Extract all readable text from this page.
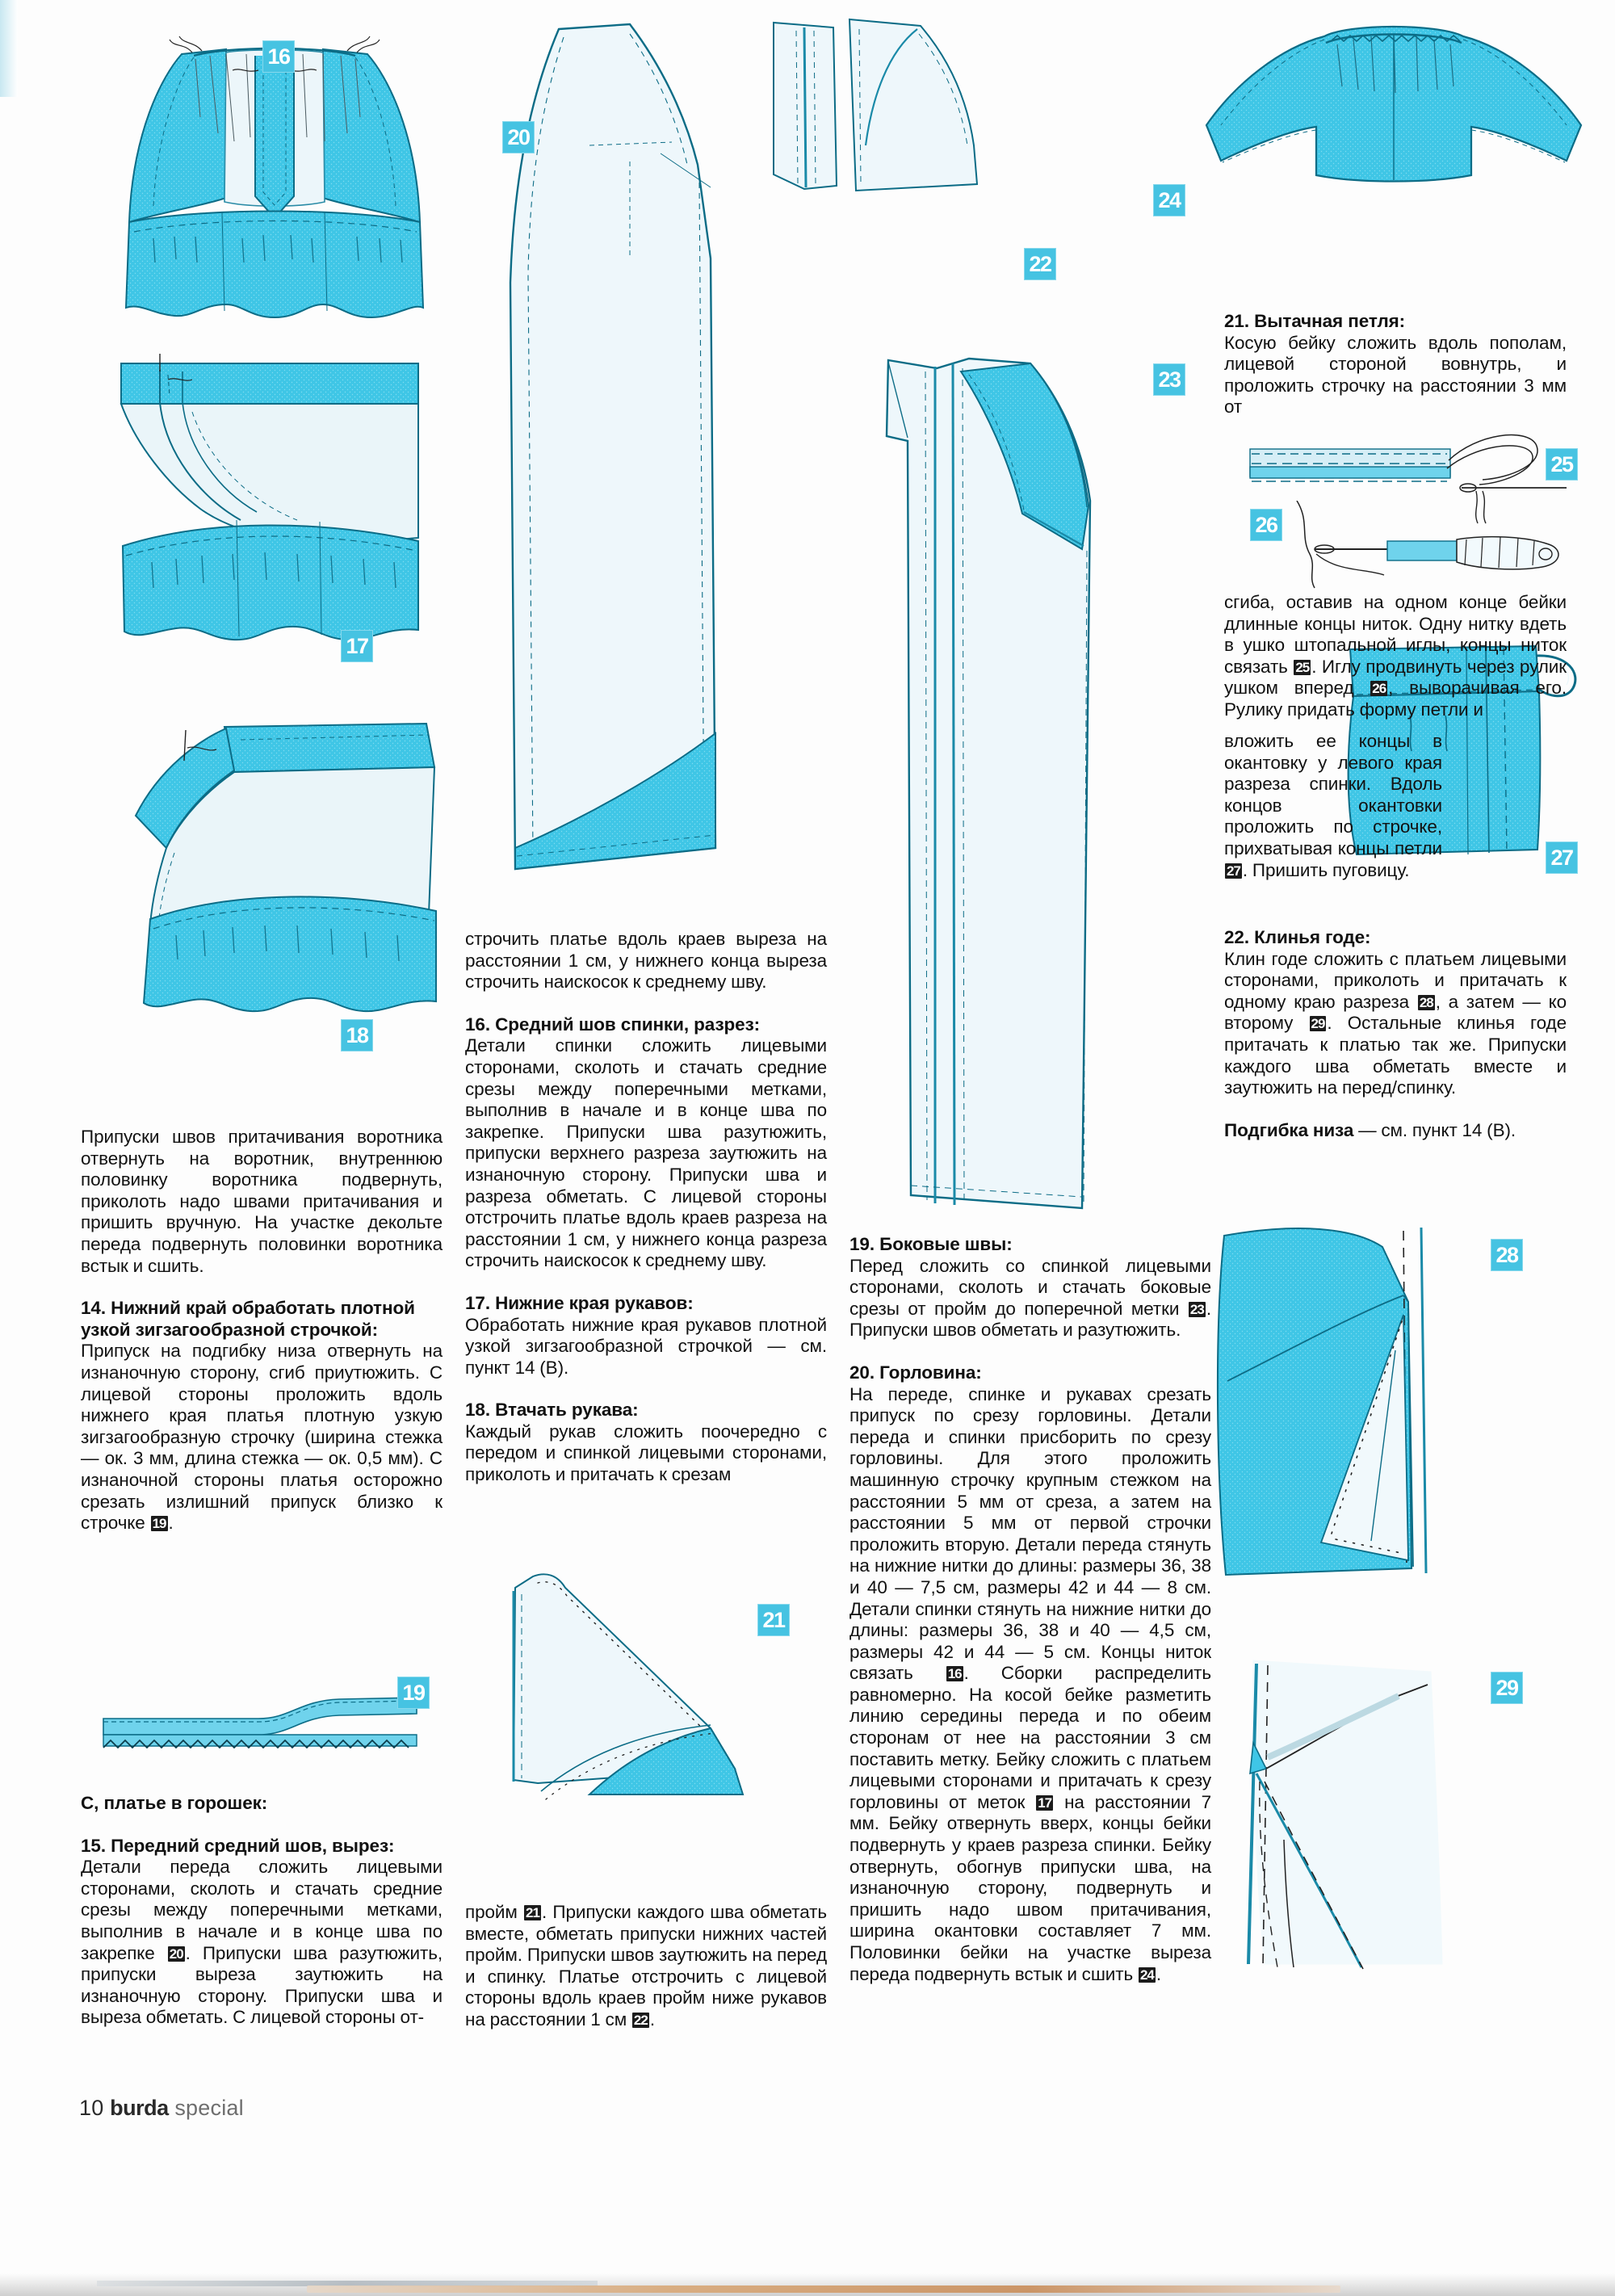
16
20
24
22
23
25
26
17
27
18
19
21
28
29

Припуски швов притачивания воротника отвернуть на воротник, внутреннюю половинку воротника подвернуть, приколоть надо швами притачивания и пришить вручную. На участке декольте переда подвернуть половинки воротника встык и сшить.

14. Нижний край обработать плотной узкой зигзагообразной строчкой:

Припуск на подгибку низа отвернуть на изнаночную сторону, сгиб приутюжить. С лицевой стороны проложить вдоль нижнего края платья плотную узкую зигзагообразную строчку (ширина стежка — ок. 3 мм, длина стежка — ок. 0,5 мм). С изнаночной стороны платья осторожно срезать излишний припуск близко к строчке 19 .

С, платье в горошек:
15. Передний средний шов, вырез:

Детали переда сложить лицевыми сторонами, сколоть и стачать средние срезы между поперечными метками, выполнив в начале и в конце шва по закрепке 20 . Припуски шва разутюжить, припуски выреза заутюжить на изнаночную сторону. Припуски шва и выреза обметать. С лицевой стороны от-

строчить платье вдоль краев выреза на расстоянии 1 см, у нижнего конца выреза строчить наискосок к среднему шву.

16. Средний шов спинки, разрез:

Детали спинки сложить лицевыми сторонами, сколоть и стачать средние срезы между поперечными метками, выполнив в начале и в конце шва по закрепке. Припуски шва разутюжить, припуски верхнего разреза заутюжить на изнаночную сторону. Припуски шва и разреза обметать. С лицевой стороны отстрочить платье вдоль краев разреза на расстоянии 1 см, у нижнего конца разреза строчить наискосок к среднему шву.

17. Нижние края рукавов:

Обработать нижние края рукавов плотной узкой зигзагообразной строчкой — см. пункт 14 (В).

18. Втачать рукава:

Каждый рукав сложить поочередно с передом и спинкой лицевыми сторонами, приколоть и притачать к срезам

пройм 21 . Припуски каждого шва обметать вместе, обметать припуски нижних частей пройм. Припуски швов заутюжить на перед и спинку. Платье отстрочить с лицевой стороны вдоль краев пройм ниже рукавов на расстоянии 1 см 22 .

19. Боковые швы:

Перед сложить со спинкой лицевыми сторонами, сколоть и стачать боковые срезы от пройм до поперечной метки 23 . Припуски швов обметать и разутюжить.

20. Горловина:

На переде, спинке и рукавах срезать припуск по срезу горловины. Детали переда и спинки присборить по срезу горловины. Для этого проложить машинную строчку крупным стежком на расстоянии 5 мм от среза, а затем на расстоянии 5 мм от первой строчки проложить вторую. Детали переда стянуть на нижние нитки до длины: размеры 36, 38 и 40 — 7,5 см, размеры 42 и 44 — 8 см. Детали спинки стянуть на нижние нитки до длины: размеры 36, 38 и 40 — 4,5 см, размеры 42 и 44 — 5 см. Концы ниток связать 16 . Сборки распределить равномерно. На косой бейке разметить линию середины переда и по обеим сторонам от нее на расстоянии 3 см поставить метку. Бейку сложить с платьем лицевыми сторонами и притачать к срезу горловины от меток 17 на расстоянии 7 мм. Бейку отвернуть вверх, концы бейки подвернуть у краев разреза спинки. Бейку отвернуть, обогнув припуски шва, на изнаночную сторону, подвернуть и пришить надо швом притачивания, ширина окантовки составляет 7 мм. Половинки бейки на участке выреза переда подвернуть встык и сшить 24 .

21. Вытачная петля:

Косую бейку сложить вдоль пополам, лицевой стороной вовнутрь, и проложить строчку на расстоянии 3 мм от

сгиба, оставив на одном конце бейки длинные концы ниток. Одну нитку вдеть в ушко штопальной иглы, концы ниток связать 25 . Иглу продвинуть через рулик ушком вперед 26 , выворачивая его. Рулику придать форму петли и

вложить ее концы в окантовку у левого края разреза спинки. Вдоль концов окантовки проложить по строчке, прихватывая концы петли 27 . Пришить пуговицу.

22. Клинья годе:

Клин годе сложить с платьем лицевыми сторонами, приколоть и притачать к одному краю разреза 28 , а затем — ко второму 29 . Остальные клинья годе притачать к платью так же. Припуски каждого шва обметать вместе и заутюжить на перед/спинку.

Подгибка низа — см. пункт 14 (В).

10 burda special
